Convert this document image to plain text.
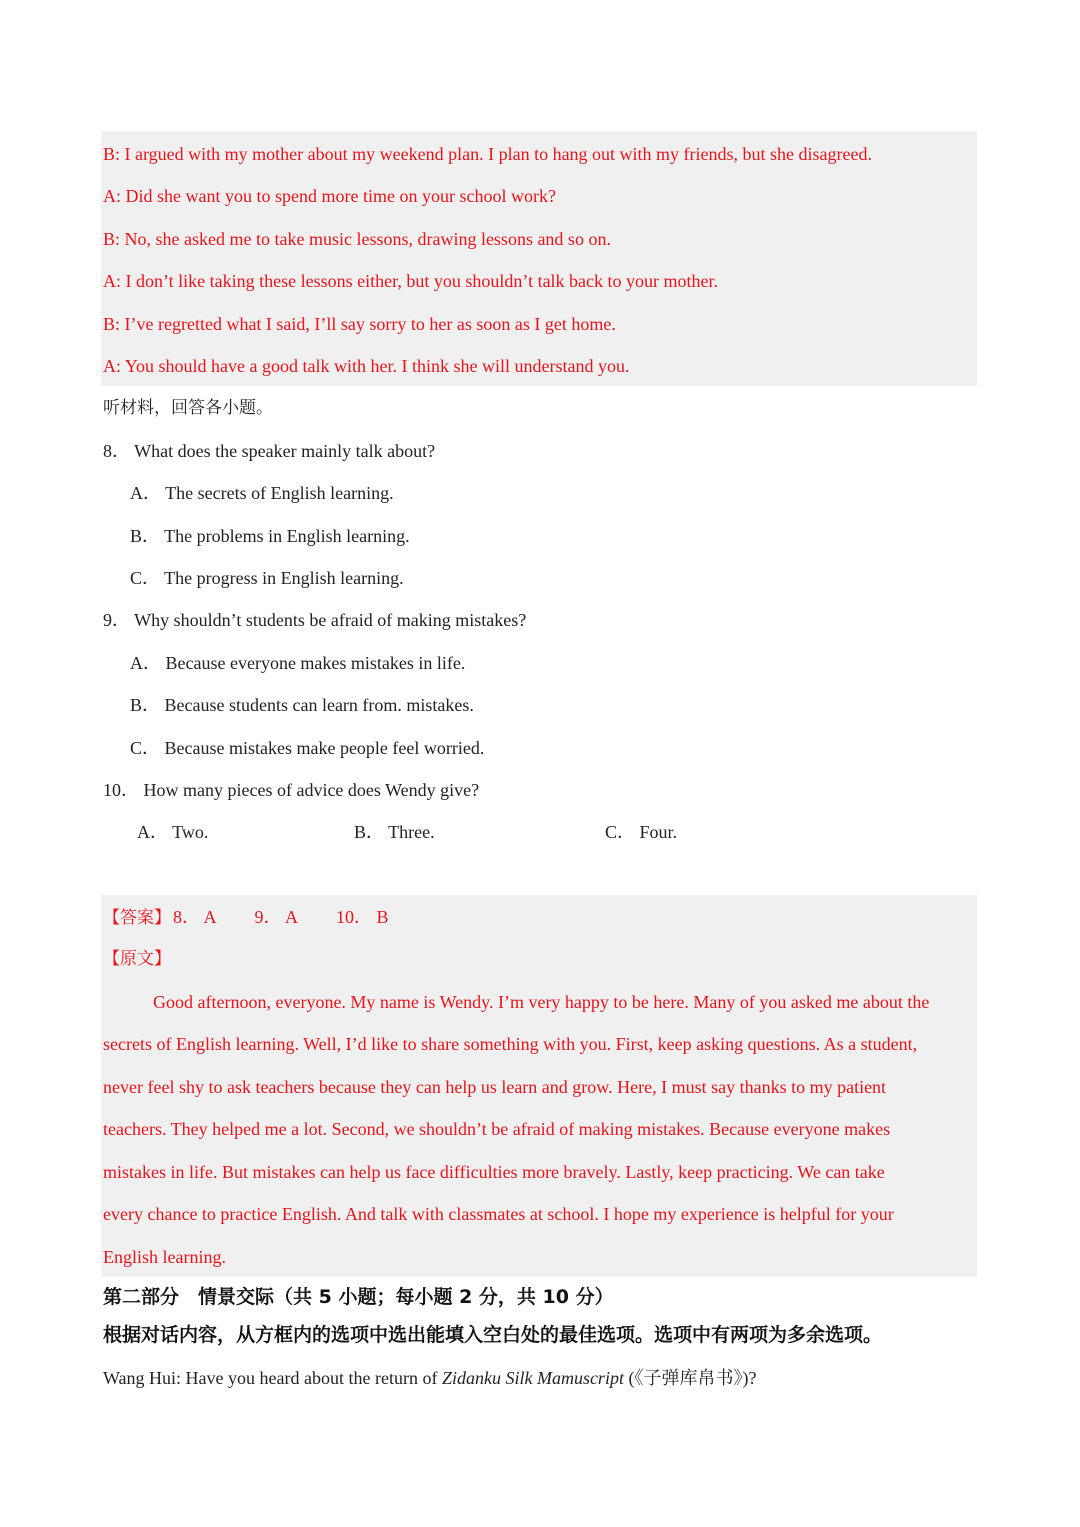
B: I argued with my mother about my weekend plan. I plan to hang out with my friends, but she disagreed.
A: Did she want you to spend more time on your school work?
B: No, she asked me to take music lessons, drawing lessons and so on.
A: I don’t like taking these lessons either, but you shouldn’t talk back to your mother.
B: I’ve regretted what I said, I’ll say sorry to her as soon as I get home.
A: You should have a good talk with her. I think she will understand you.
听材料，回答各小题。
8． What does the speaker mainly talk about?
A． The secrets of English learning.
B． The problems in English learning.
C． The progress in English learning.
9． Why shouldn’t students be afraid of making mistakes?
A． Because everyone makes mistakes in life.
B． Because students can learn from. mistakes.
C． Because mistakes make people feel worried.
10． How many pieces of advice does Wendy give?
A． Two.	B． Three.	C． Four.
【答案】 8． A 9． A 10． B
【原文】
Good afternoon, everyone. My name is Wendy. I’m very happy to be here. Many of you asked me about the
secrets of English learning. Well, I’d like to share something with you. First, keep asking questions. As a student,
never feel shy to ask teachers because they can help us learn and grow. Here, I must say thanks to my patient
teachers. They helped me a lot. Second, we shouldn’t be afraid of making mistakes. Because everyone makes
mistakes in life. But mistakes can help us face difficulties more bravely. Lastly, keep practicing. We can take
every chance to practice English. And talk with classmates at school. I hope my experience is helpful for your
English learning.
第二部分　情景交际（共 5 小题；每小题 2 分，共 10 分）
根据对话内容，从方框内的选项中选出能填入空白处的最佳选项。选项中有两项为多余选项。
Wang Hui: Have you heard about the return of Zidanku Silk Mamuscript (《子弹库帛书》)?
